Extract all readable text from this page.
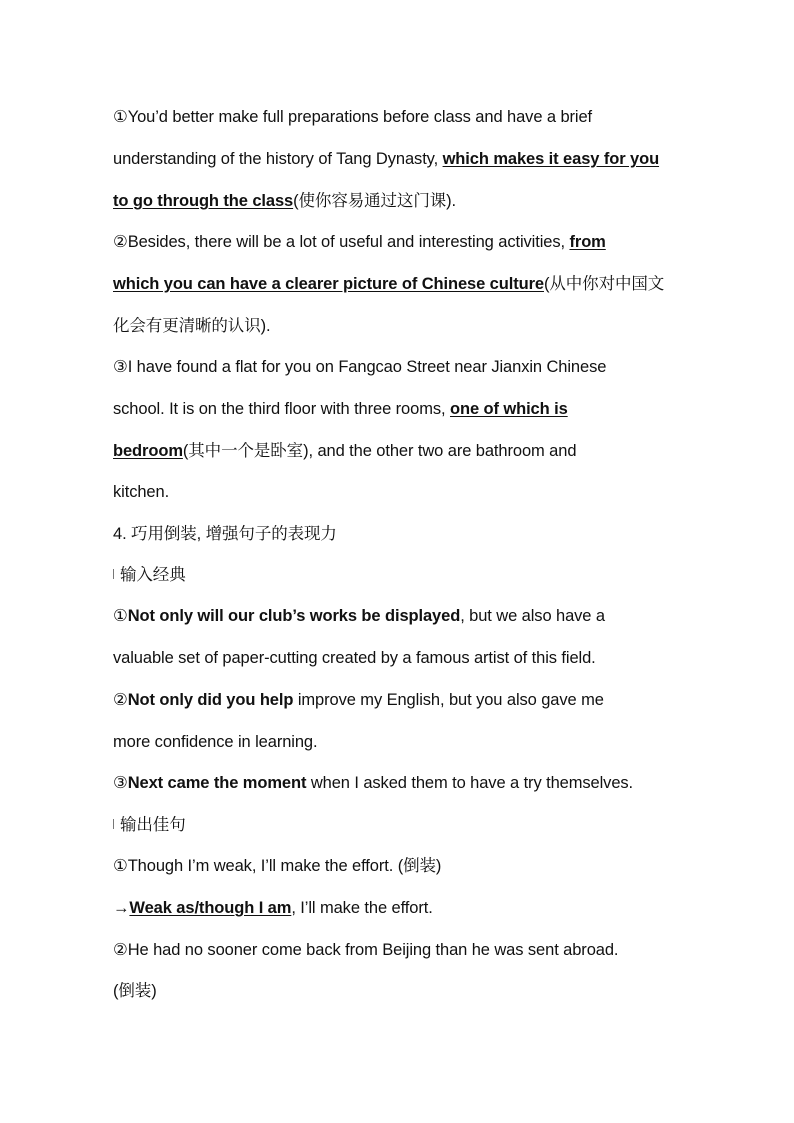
①You’d better make full preparations before class and have a brief
understanding of the history of Tang Dynasty, which makes it easy for you
to go through the class(使你容易通过这门课).
②Besides, there will be a lot of useful and interesting activities, from
which you can have a clearer picture of Chinese culture(从中你对中国文
化会有更清晰的认识).
③I have found a flat for you on Fangcao Street near Jianxin Chinese
school. It is on the third floor with three rooms, one of which is
bedroom(其中一个是卧室), and the other two are bathroom and
kitchen.
4. 巧用倒装, 增强句子的表现力
输入经典
①Not only will our club’s works be displayed, but we also have a
valuable set of paper-cutting created by a famous artist of this field.
②Not only did you help improve my English, but you also gave me
more confidence in learning.
③Next came the moment when I asked them to have a try themselves.
输出佳句
①Though I’m weak, I’ll make the effort. (倒装)
→Weak as/though I am, I’ll make the effort.
②He had no sooner come back from Beijing than he was sent abroad.
(倒装)
